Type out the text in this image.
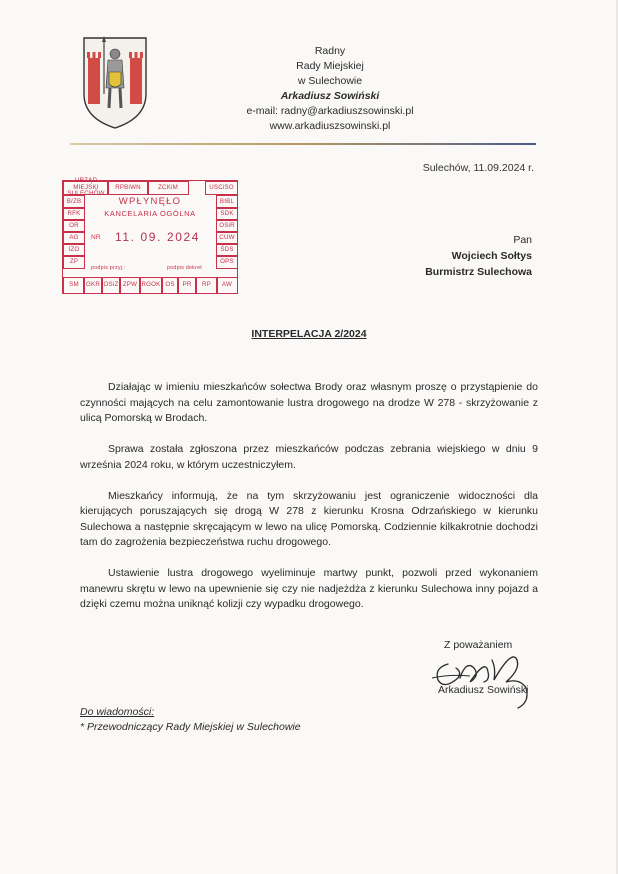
Radny
Rady Miejskiej
w Sulechowie
Arkadiusz Sowiński
e-mail: radny@arkadiuszsowinski.pl
www.arkadiuszsowinski.pl
Sulechów, 11.09.2024 r.
URZĄD MIEJSKI SULECHÓW
RPBiWN	ZCKiM	USCiSO
B/ZB
RFK
OR
AG
IZO
ZP
BIBL
SDK
OSiR
CUW
ŚDS
OPS
WPŁYNĘŁO
KANCELARIA OGÓLNA
NR 11. 09. 2024
podpis przyj.:	podpis dekret
SM	GKR OSiZ ZPW RGOK OS	PR	RP	AW
Pan
Wojciech Sołtys
Burmistrz Sulechowa
INTERPELACJA 2/2024

Działając w imieniu mieszkańców sołectwa Brody oraz własnym proszę o przystąpienie do czynności mających na celu zamontowanie lustra drogowego na drodze W 278 - skrzyżowanie z ulicą Pomorską w Brodach.

Sprawa została zgłoszona przez mieszkańców podczas zebrania wiejskiego w dniu 9 września 2024 roku, w którym uczestniczyłem.

Mieszkańcy informują, że na tym skrzyżowaniu jest ograniczenie widoczności dla kierujących poruszających się drogą W 278 z kierunku Krosna Odrzańskiego w kierunku Sulechowa a następnie skręcającym w lewo na ulicę Pomorską. Codziennie kilkakrotnie dochodzi tam do zagrożenia bezpieczeństwa ruchu drogowego.

Ustawienie lustra drogowego wyeliminuje martwy punkt, pozwoli przed wykonaniem manewru skrętu w lewo na upewnienie się czy nie nadjeżdża z kierunku Sulechowa inny pojazd a dzięki czemu można uniknąć kolizji czy wypadku drogowego.

Z poważaniem
Arkadiusz Sowiński
Do wiadomości:
* Przewodniczący Rady Miejskiej w Sulechowie
